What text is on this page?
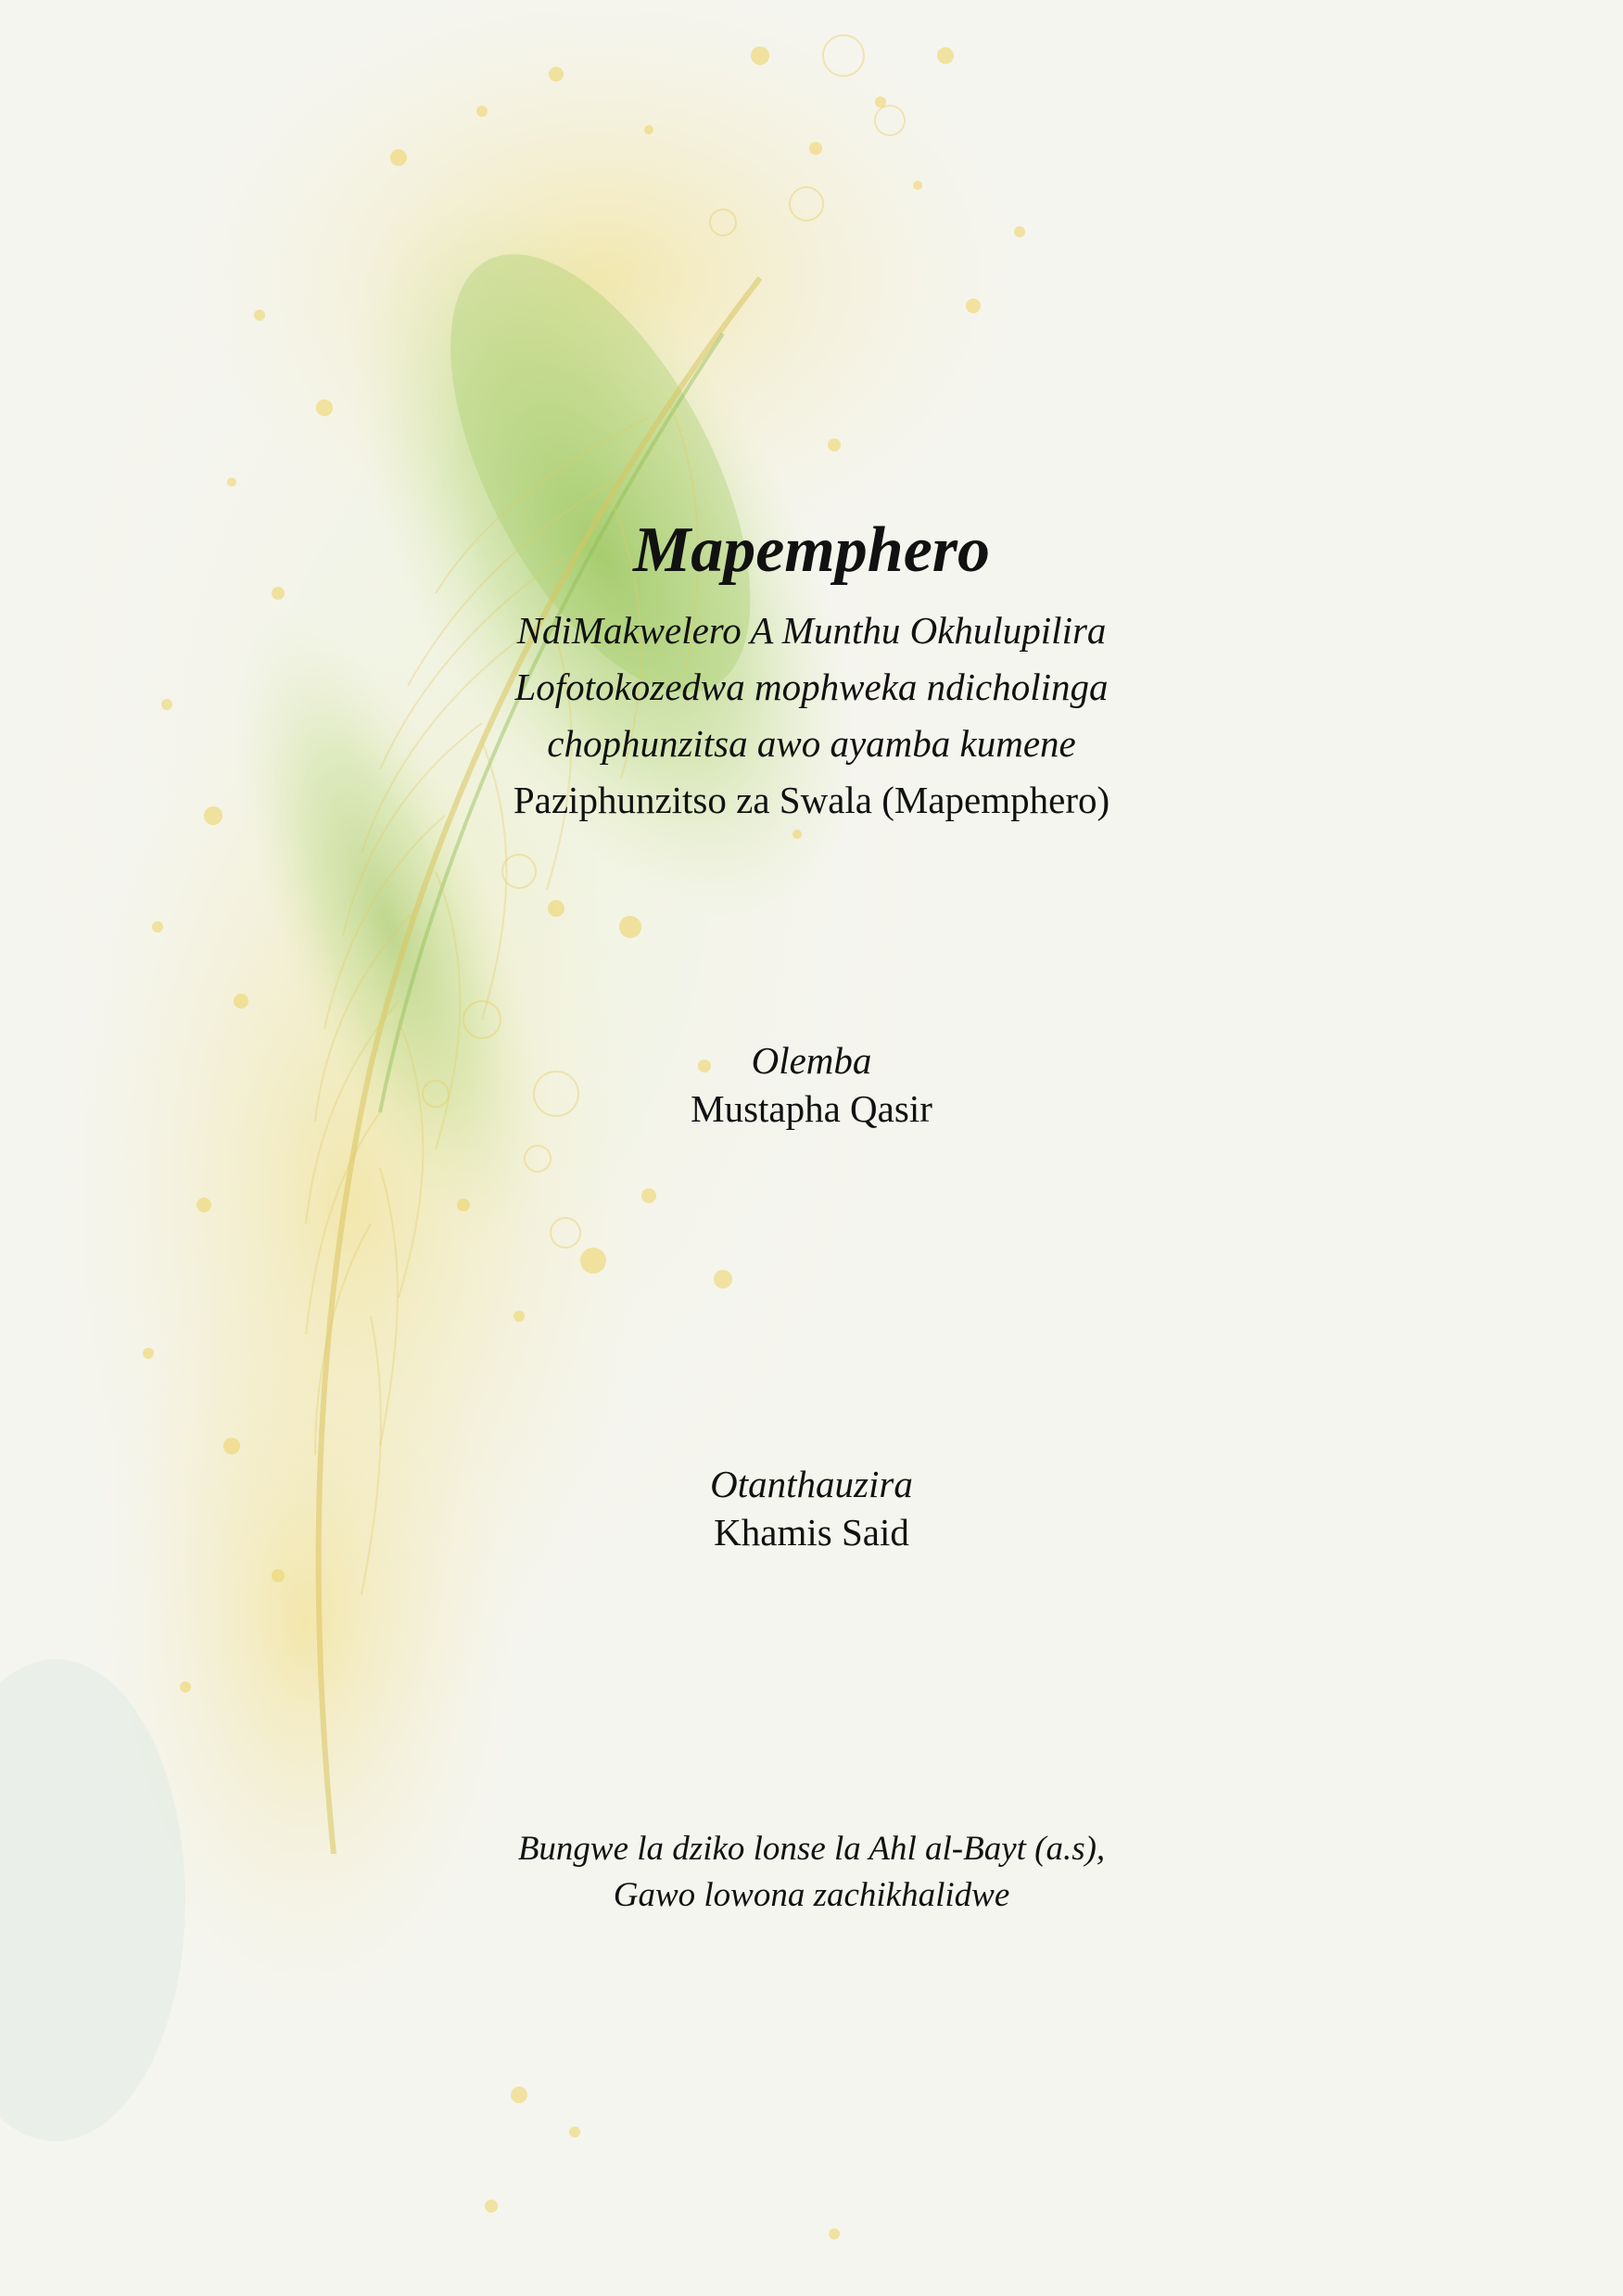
Mapemphero
NdiMakwelero A Munthu Okhulupilira
Lofotokozedwa mophweka ndicholinga
chophunzitsa awo ayamba kumene
Paziphunzitso za Swala (Mapemphero)
Olemba
Mustapha Qasir
Otanthauzira
Khamis Said
Bungwe la dziko lonse la Ahl al-Bayt (a.s),
Gawo lowona zachikhalidwe
